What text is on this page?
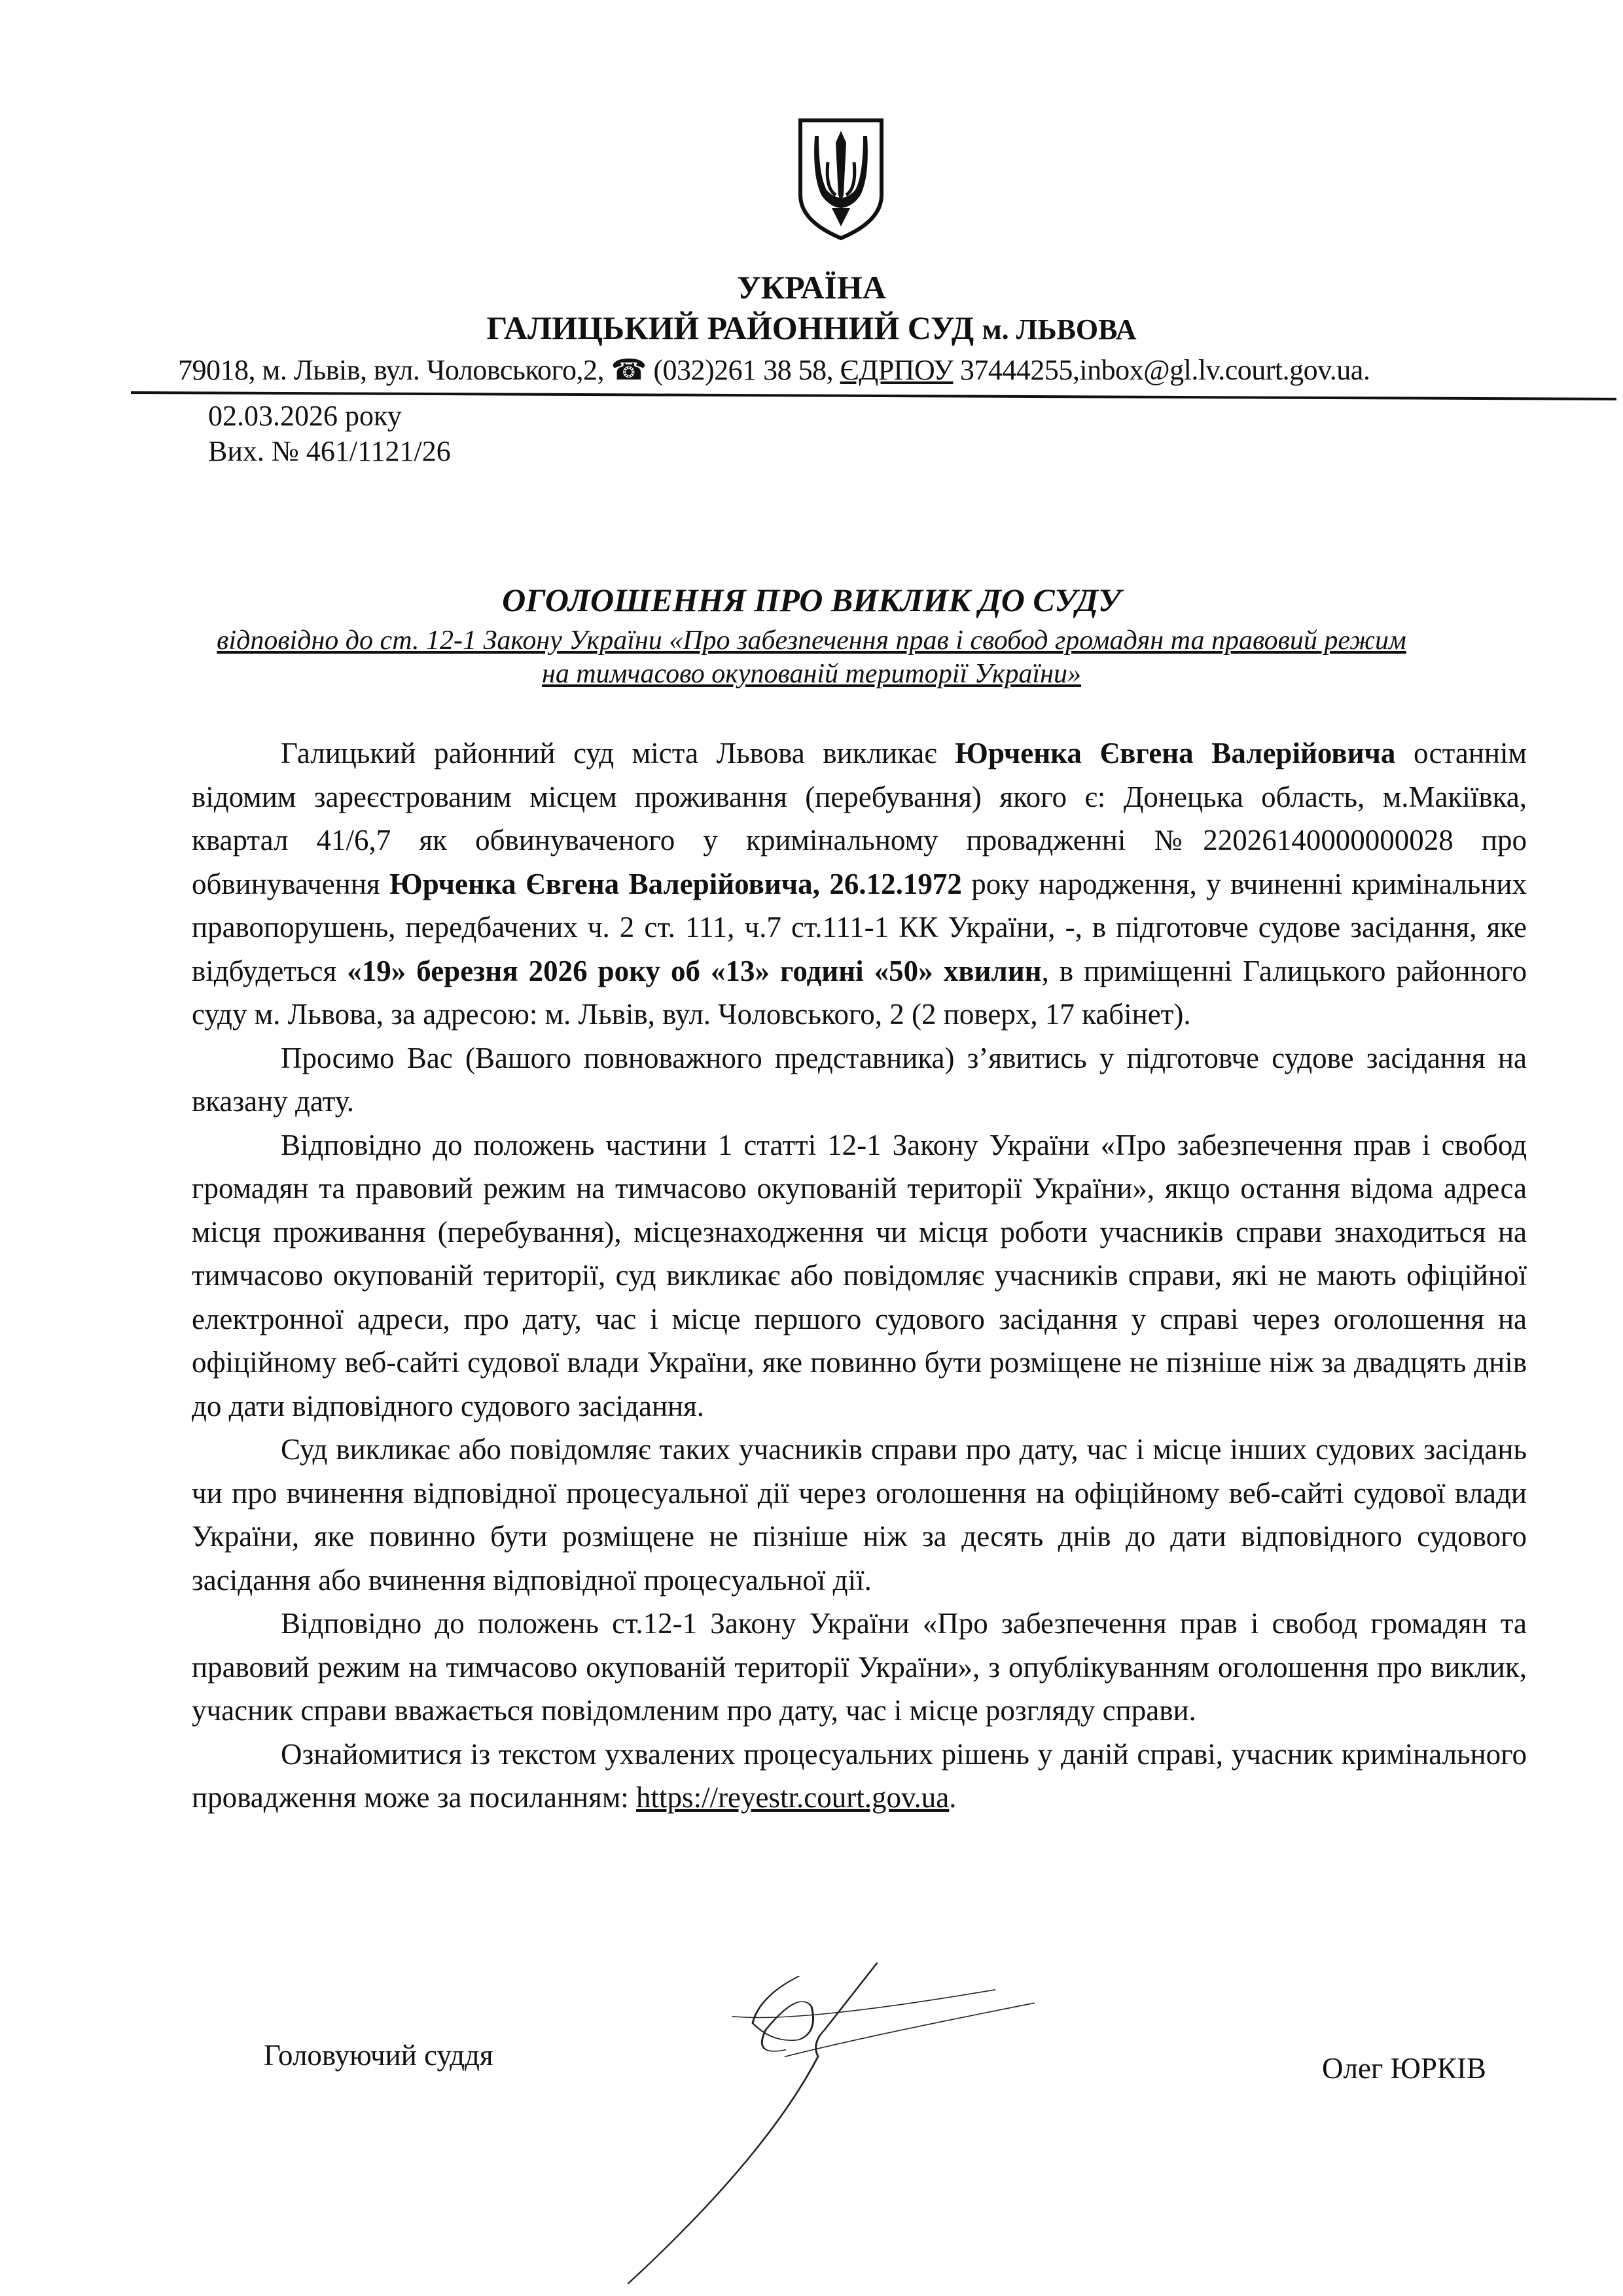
УКРАЇНА
ГАЛИЦЬКИЙ РАЙОННИЙ СУД м. ЛЬВОВА
79018, м. Львів, вул. Чоловського,2, ☎ (032)261 38 58, ЄДРПОУ 37444255,inbox@gl.lv.court.gov.ua.
02.03.2026 року
Вих. № 461/1121/26
ОГОЛОШЕННЯ ПРО ВИКЛИК ДО СУДУ
відповідно до ст. 12-1 Закону України «Про забезпечення прав і свобод громадян та правовий режим
на тимчасово окупованій території України»

Галицький районний суд міста Львова викликає Юрченка Євгена Валерійовича останнім відомим зареєстрованим місцем проживання (перебування) якого є: Донецька область, м.Макіївка, квартал 41/6,7 як обвинуваченого у кримінальному провадженні №22026140000000028 про обвинувачення Юрченка Євгена Валерійовича, 26.12.1972 року народження, у вчиненні кримінальних правопорушень, передбачених ч. 2 ст. 111, ч.7 ст.111-1 КК України, -, в підготовче судове засідання, яке відбудеться «19» березня 2026 року об «13» годині «50» хвилин, в приміщенні Галицького районного суду м. Львова, за адресою: м. Львів, вул. Чоловського, 2 (2 поверх, 17 кабінет).

Просимо Вас (Вашого повноважного представника) з’явитись у підготовче судове засідання на вказану дату.

Відповідно до положень частини 1 статті 12-1 Закону України «Про забезпечення прав і свобод громадян та правовий режим на тимчасово окупованій території України», якщо остання відома адреса місця проживання (перебування), місцезнаходження чи місця роботи учасників справи знаходиться на тимчасово окупованій території, суд викликає або повідомляє учасників справи, які не мають офіційної електронної адреси, про дату, час і місце першого судового засідання у справі через оголошення на офіційному веб-сайті судової влади України, яке повинно бути розміщене не пізніше ніж за двадцять днів до дати відповідного судового засідання.

Суд викликає або повідомляє таких учасників справи про дату, час і місце інших судових засідань чи про вчинення відповідної процесуальної дії через оголошення на офіційному веб-сайті судової влади України, яке повинно бути розміщене не пізніше ніж за десять днів до дати відповідного судового засідання або вчинення відповідної процесуальної дії.

Відповідно до положень ст.12-1 Закону України «Про забезпечення прав і свобод громадян та правовий режим на тимчасово окупованій території України», з опублікуванням оголошення про виклик, учасник справи вважається повідомленим про дату, час і місце розгляду справи.

Ознайомитися із текстом ухвалених процесуальних рішень у даній справі, учасник кримінального провадження може за посиланням: https://reyestr.court.gov.ua.

Головуючий суддя	Олег ЮРКІВ
